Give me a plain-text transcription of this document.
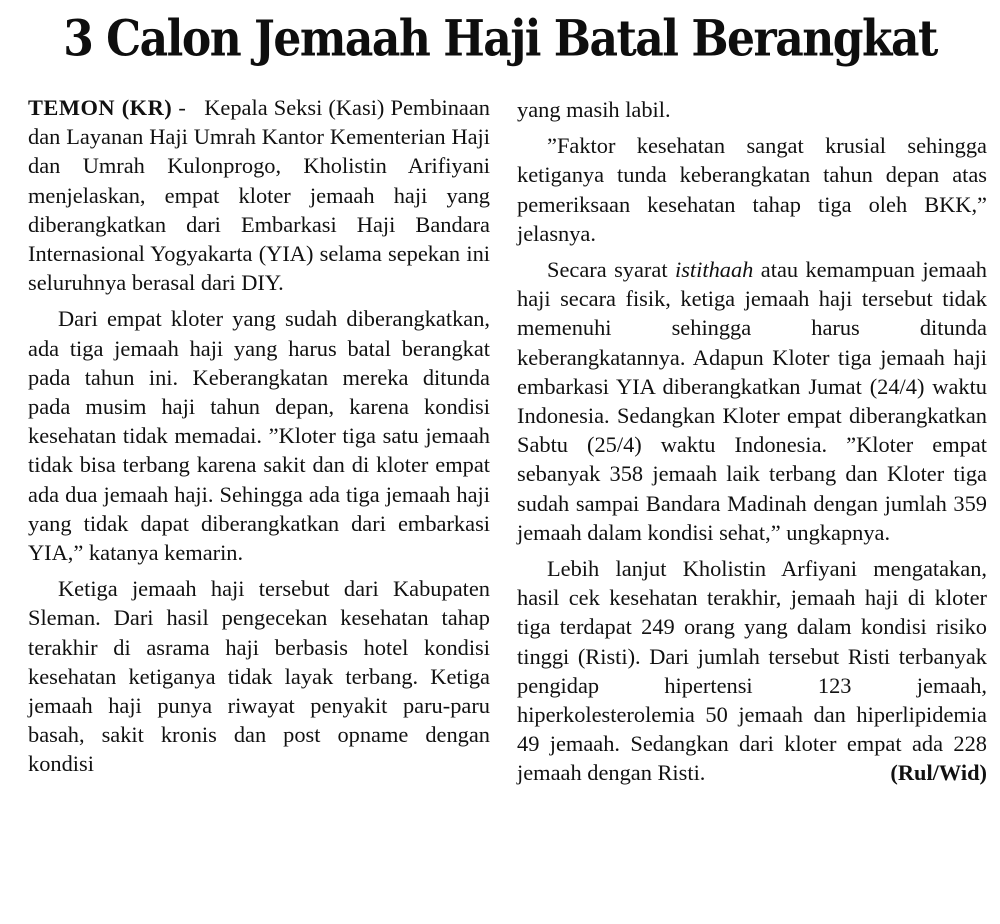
3 Calon Jemaah Haji Batal Berangkat

TEMON (KR) -   Kepala Seksi (Kasi) Pembinaan dan Layanan Haji Umrah Kantor Kementerian Haji dan Umrah Kulonprogo, Kholistin Arifiyani menjelaskan, empat kloter jemaah haji yang diberangkatkan dari Embarkasi Haji Bandara Internasional Yogyakarta (YIA) selama sepekan ini seluruhnya berasal dari DIY.

Dari empat kloter yang sudah diberangkatkan, ada tiga jemaah haji yang harus batal berangkat pada tahun ini. Keberangkatan mereka ditunda pada musim haji tahun depan, karena kondisi kesehatan tidak memadai. ”Kloter tiga satu jemaah tidak bisa terbang karena sakit dan di kloter empat ada dua jemaah haji. Sehingga ada tiga jemaah haji yang tidak dapat diberangkatkan dari embarkasi YIA,” katanya kemarin.

Ketiga jemaah haji tersebut dari Kabupaten Sleman. Dari hasil pengecekan kesehatan tahap terakhir di asrama haji berbasis hotel kondisi kesehatan ketiganya tidak layak terbang. Ketiga jemaah haji punya riwayat penyakit paru-paru basah, sakit kronis dan post opname dengan kondisi

yang masih labil.

”Faktor kesehatan sangat krusial sehingga ketiganya tunda keberangkatan tahun depan atas pemeriksaan kesehatan tahap tiga oleh BKK,” jelasnya.

Secara syarat istithaah atau kemampuan jemaah haji secara fisik, ketiga jemaah haji tersebut tidak memenuhi sehingga harus ditunda keberangkatannya. Adapun Kloter tiga jemaah haji embarkasi YIA diberangkatkan Jumat (24/4) waktu Indonesia. Sedangkan Kloter empat diberangkatkan Sabtu (25/4) waktu Indonesia. ”Kloter empat sebanyak 358 jemaah laik terbang dan Kloter tiga sudah sampai Bandara Madinah dengan jumlah 359 jemaah dalam kondisi sehat,” ungkapnya.

Lebih lanjut Kholistin Arfiyani mengatakan, hasil cek kesehatan terakhir, jemaah haji di kloter tiga terdapat 249 orang yang dalam kondisi risiko tinggi (Risti). Dari jumlah tersebut Risti terbanyak pengidap hipertensi 123 jemaah, hiperkolesterolemia 50 jemaah dan hiperlipidemia 49 jemaah. Sedangkan dari kloter empat ada 228 jemaah dengan Risti.	(Rul/Wid)
